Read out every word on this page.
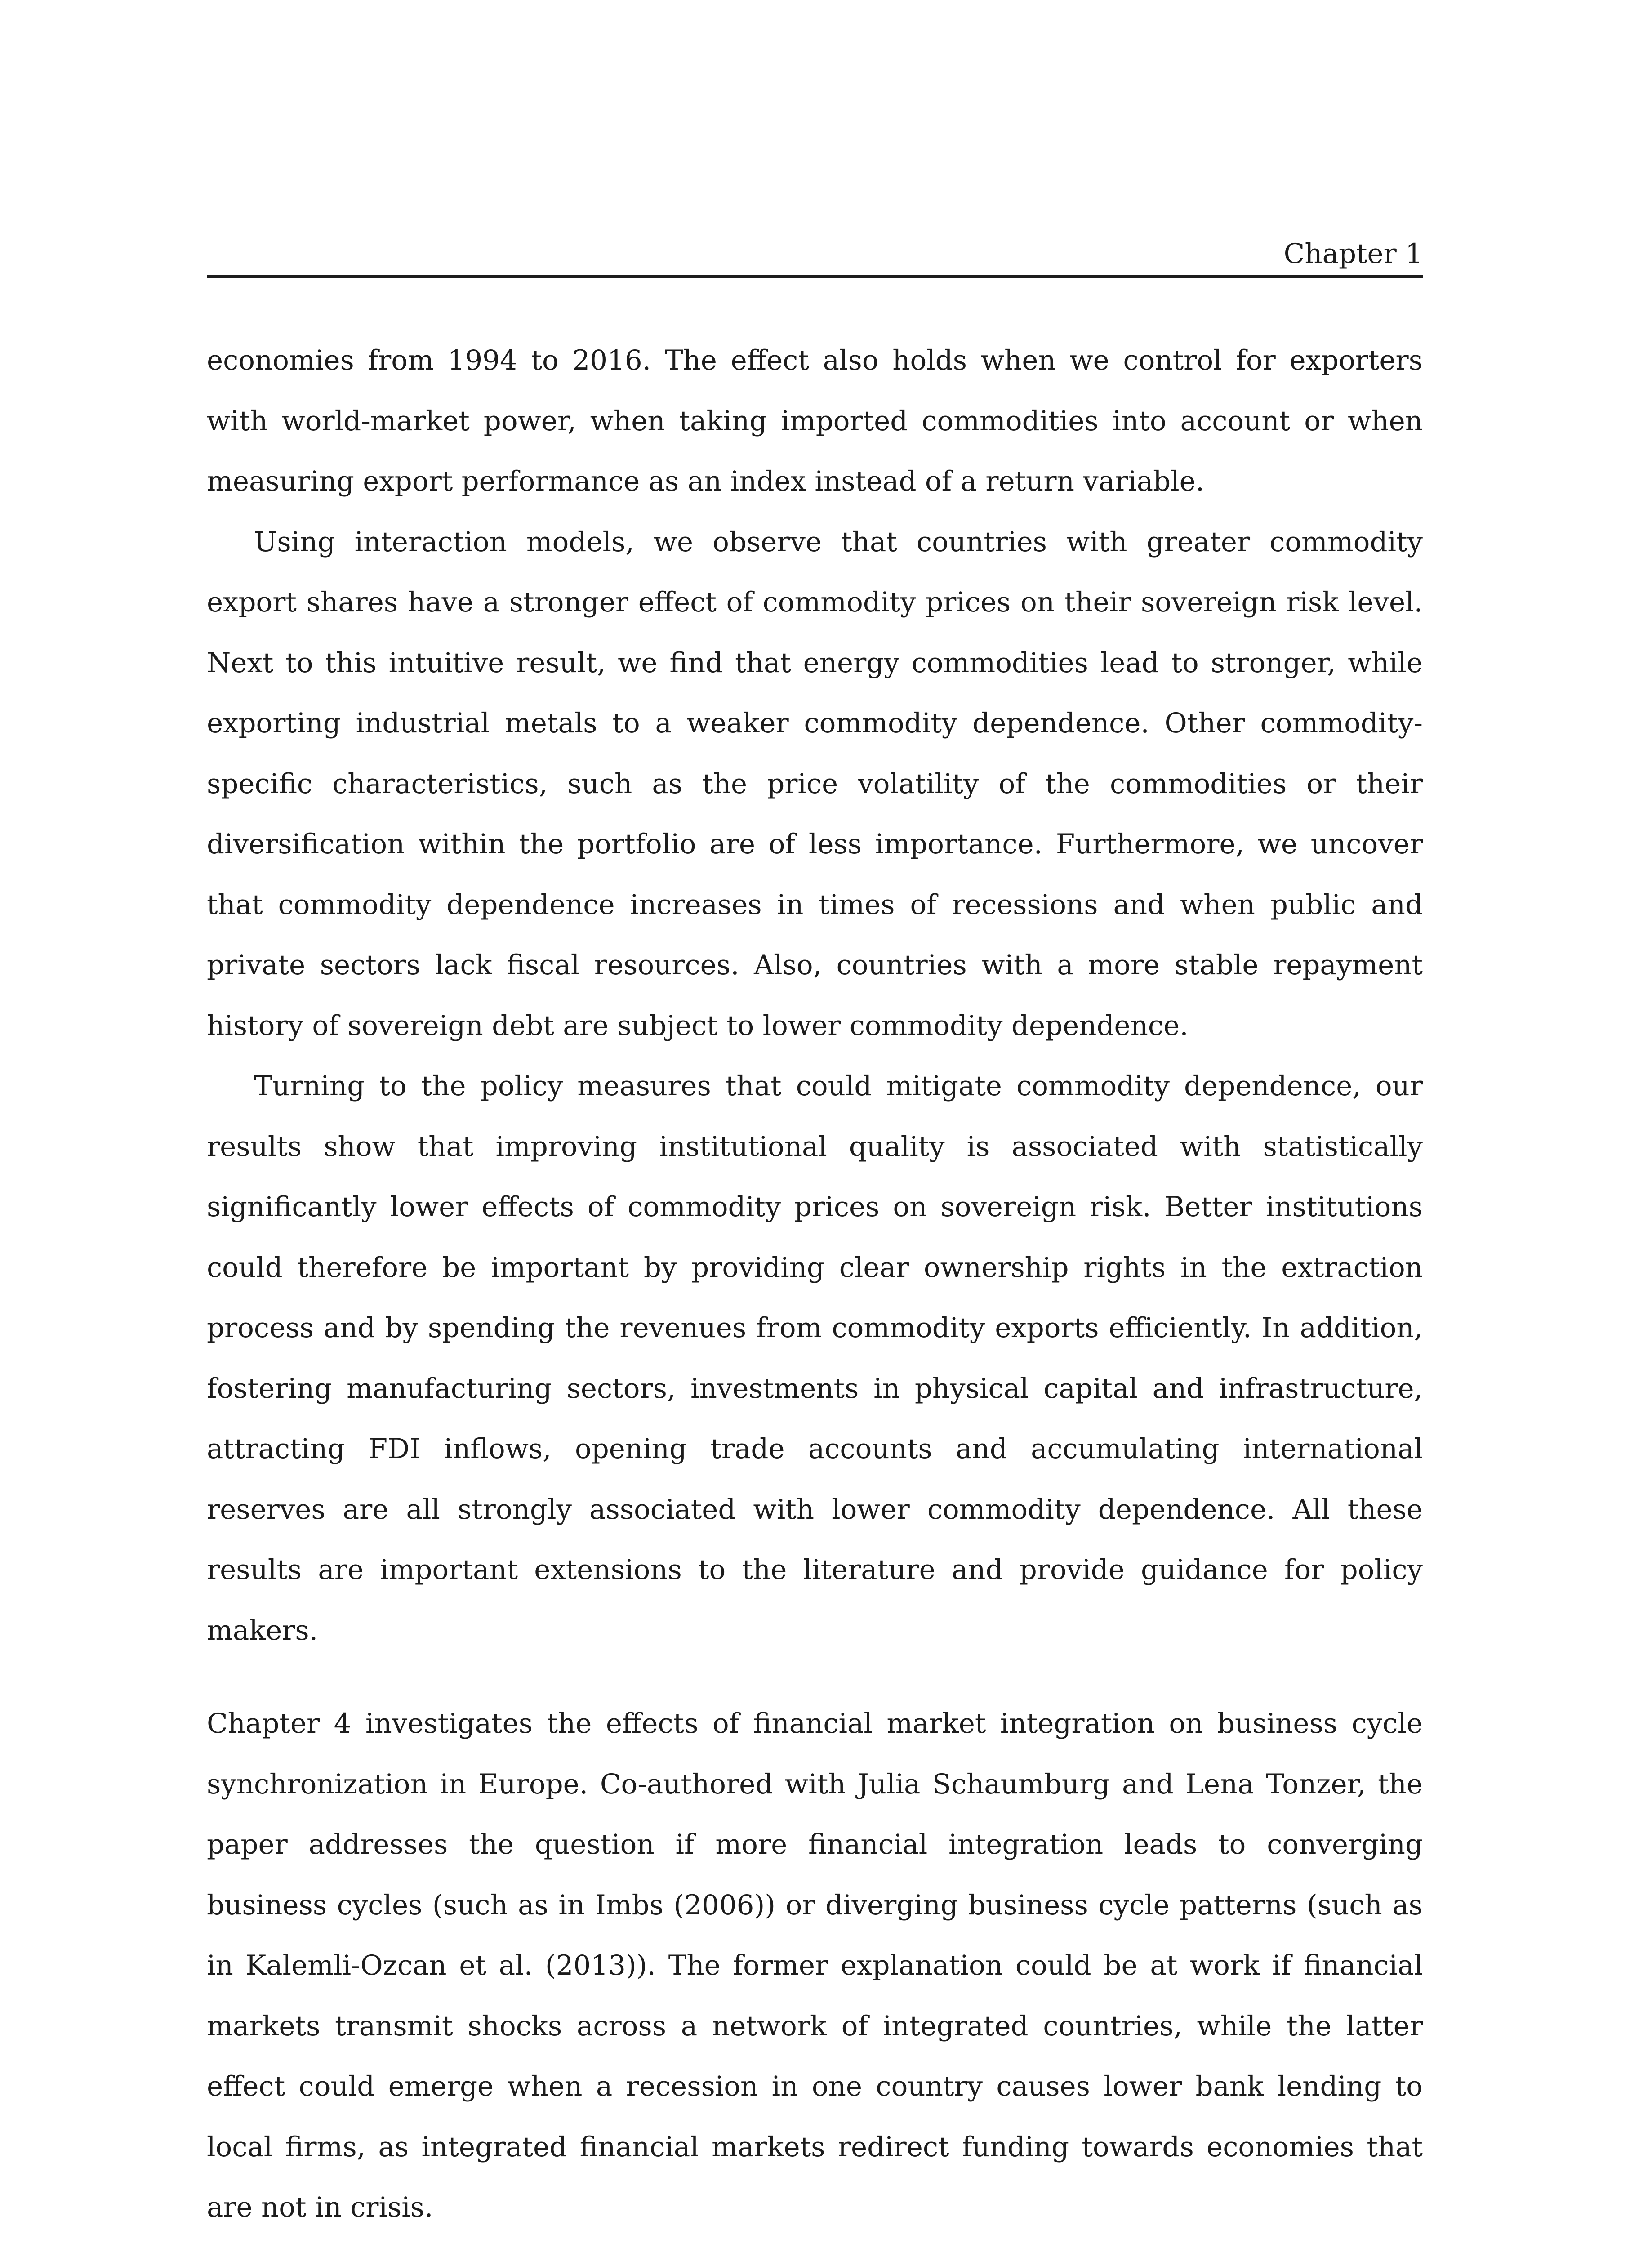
Chapter 1

economies from 1994 to 2016. The effect also holds when we control for exporters with world-market power, when taking imported commodities into account or when measuring export performance as an index instead of a return variable.

Using interaction models, we observe that countries with greater commodity export shares have a stronger effect of commodity prices on their sovereign risk level. Next to this intuitive result, we find that energy commodities lead to stronger, while exporting industrial metals to a weaker commodity dependence. Other commodity-specific characteristics, such as the price volatility of the commodities or their diversification within the portfolio are of less importance. Furthermore, we uncover that commodity dependence increases in times of recessions and when public and private sectors lack fiscal resources. Also, countries with a more stable repayment history of sovereign debt are subject to lower commodity dependence.

Turning to the policy measures that could mitigate commodity dependence, our results show that improving institutional quality is associated with statistically significantly lower effects of commodity prices on sovereign risk. Better institutions could therefore be important by providing clear ownership rights in the extraction process and by spending the revenues from commodity exports efficiently. In addition, fostering manufacturing sectors, investments in physical capital and infrastructure, attracting FDI inflows, opening trade accounts and accumulating international reserves are all strongly associated with lower commodity dependence. All these results are important extensions to the literature and provide guidance for policy makers.

Chapter 4 investigates the effects of financial market integration on business cycle synchronization in Europe. Co-authored with Julia Schaumburg and Lena Tonzer, the paper addresses the question if more financial integration leads to converging business cycles (such as in Imbs (2006)) or diverging business cycle patterns (such as in Kalemli-Ozcan et al. (2013)). The former explanation could be at work if financial markets transmit shocks across a network of integrated countries, while the latter effect could emerge when a recession in one country causes lower bank lending to local firms, as integrated financial markets redirect funding towards economies that are not in crisis.
